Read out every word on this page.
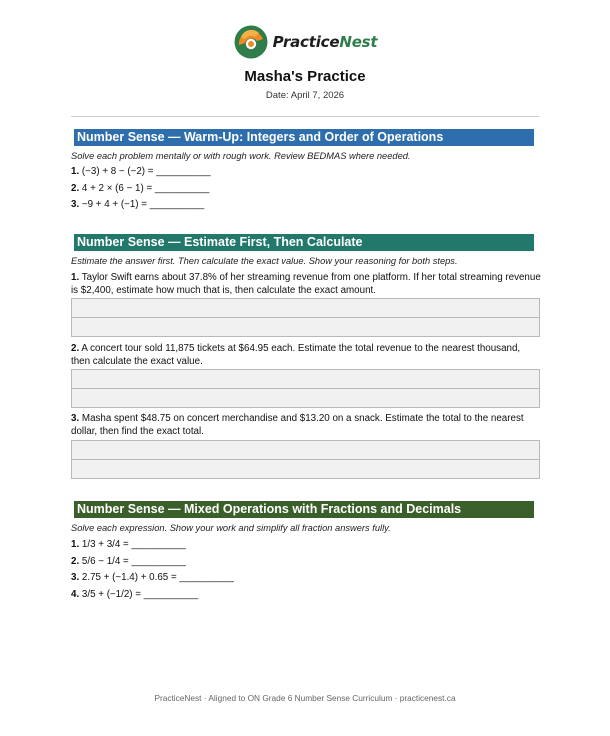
PracticeNest
Masha's Practice
Date: April 7, 2026
Number Sense — Warm-Up: Integers and Order of Operations
Solve each problem mentally or with rough work. Review BEDMAS where needed.
1. (−3) + 8 − (−2) = __________
2. 4 + 2 × (6 − 1) = __________
3. −9 + 4 + (−1) = __________
Number Sense — Estimate First, Then Calculate
Estimate the answer first. Then calculate the exact value. Show your reasoning for both steps.
1. Taylor Swift earns about 37.8% of her streaming revenue from one platform. If her total streaming revenue is $2,400, estimate how much that is, then calculate the exact amount.
2. A concert tour sold 11,875 tickets at $64.95 each. Estimate the total revenue to the nearest thousand, then calculate the exact value.
3. Masha spent $48.75 on concert merchandise and $13.20 on a snack. Estimate the total to the nearest dollar, then find the exact total.
Number Sense — Mixed Operations with Fractions and Decimals
Solve each expression. Show your work and simplify all fraction answers fully.
1. 1/3 + 3/4 = __________
2. 5/6 − 1/4 = __________
3. 2.75 + (−1.4) + 0.65 = __________
4. 3/5 + (−1/2) = __________
PracticeNest · Aligned to ON Grade 6 Number Sense Curriculum · practicenest.ca
